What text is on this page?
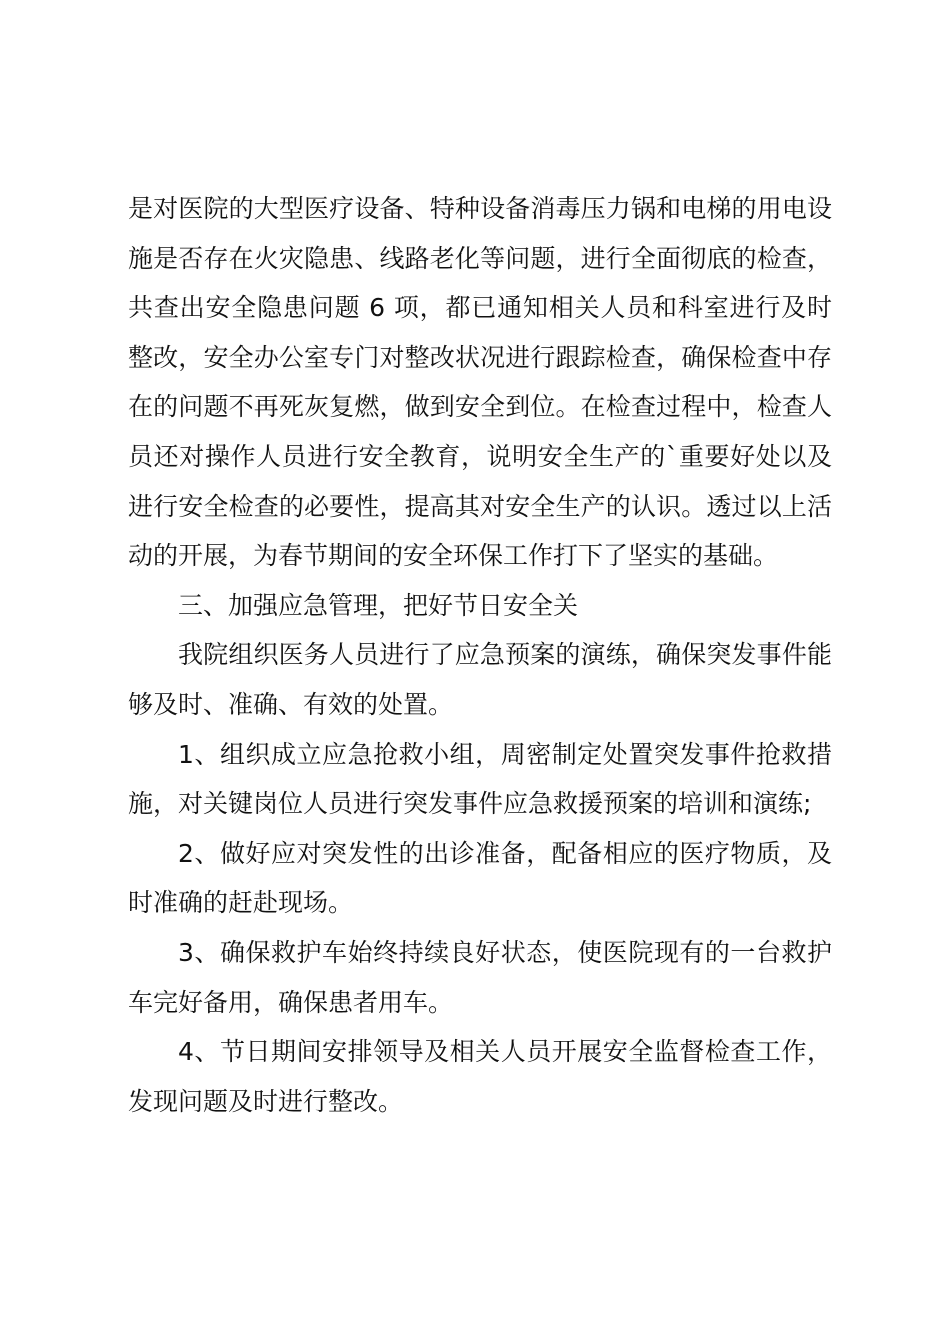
是对医院的大型医疗设备、特种设备消毒压力锅和电梯的用电设施是否存在火灾隐患、线路老化等问题，进行全面彻底的检查，共查出安全隐患问题 6 项，都已通知相关人员和科室进行及时整改，安全办公室专门对整改状况进行跟踪检查，确保检查中存在的问题不再死灰复燃，做到安全到位。在检查过程中，检查人员还对操作人员进行安全教育，说明安全生产的`重要好处以及进行安全检查的必要性，提高其对安全生产的认识。透过以上活动的开展，为春节期间的安全环保工作打下了坚实的基础。

三、加强应急管理，把好节日安全关

我院组织医务人员进行了应急预案的演练，确保突发事件能够及时、准确、有效的处置。

1、组织成立应急抢救小组，周密制定处置突发事件抢救措施，对关键岗位人员进行突发事件应急救援预案的培训和演练;

2、做好应对突发性的出诊准备，配备相应的医疗物质，及时准确的赶赴现场。

3、确保救护车始终持续良好状态，使医院现有的一台救护车完好备用，确保患者用车。

4、节日期间安排领导及相关人员开展安全监督检查工作，发现问题及时进行整改。
